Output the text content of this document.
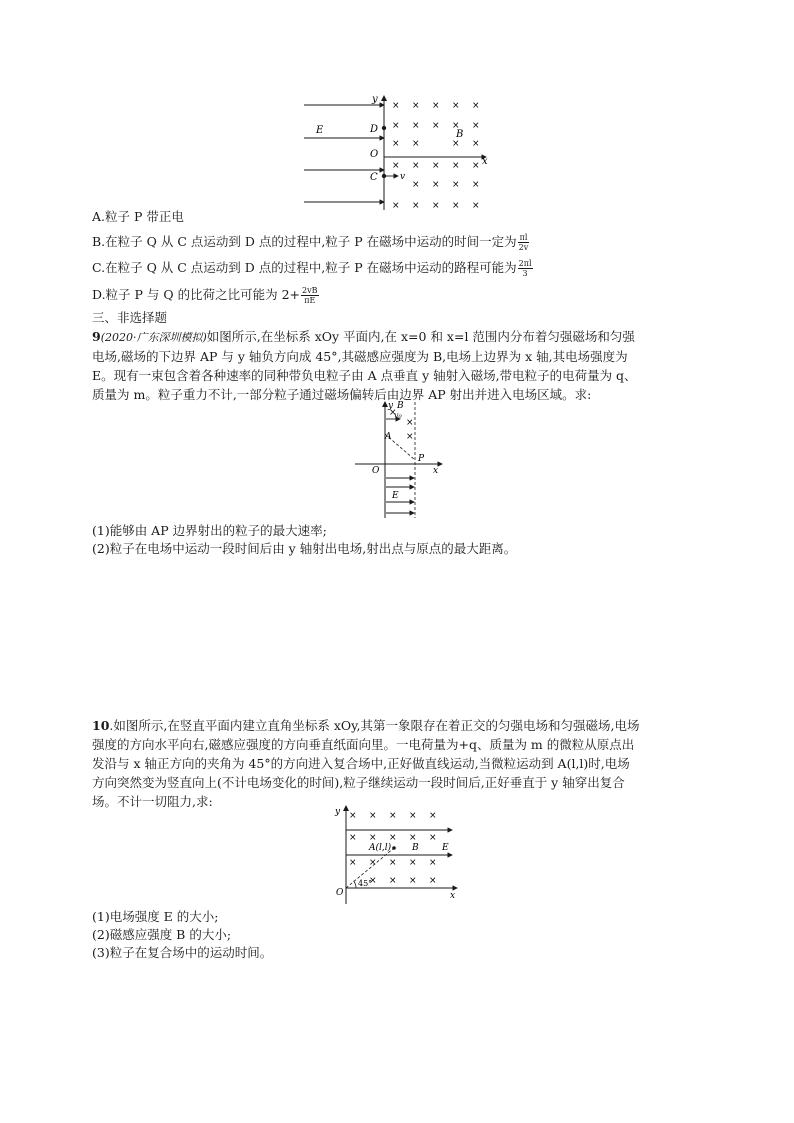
y
E	D
O
C v
B
x
× × × × ×
× × × × ×
× ×	× ×
× × × × ×
× × × ×
× × × × ×
A.粒子 P 带正电
B.在粒子 Q 从 C 点运动到 D 点的过程中,粒子 P 在磁场中运动的时间一定为 $\frac{\pi l}{2v}$
C.在粒子 Q 从 C 点运动到 D 点的过程中,粒子 P 在磁场中运动的路程可能为 $\frac{2\pi l}{3}$
D.粒子 P 与 Q 的比荷之比可能为 $2+ \frac{2vB}{\pi E}$
三、非选择题
9(2020·广东深圳模拟)如图所示,在坐标系 xOy 平面内,在 x=0 和 x=l 范围内分布着匀强磁场和匀强
电场,磁场的下边界 AP 与 y 轴负方向成 45°,其磁感应强度为 B,电场上边界为 x 轴,其电场强度为
E。现有一束包含着各种速率的同种带负电粒子由 A 点垂直 y 轴射入磁场,带电粒子的电荷量为 q、
质量为 m。粒子重力不计,一部分粒子通过磁场偏转后由边界 AP 射出并进入电场区域。求:
×
×
×
y B
v₀
A
P
O	x
E
(1)能够由 AP 边界射出的粒子的最大速率;
(2)粒子在电场中运动一段时间后由 y 轴射出电场,射出点与原点的最大距离。
10.如图所示,在竖直平面内建立直角坐标系 xOy,其第一象限存在着正交的匀强电场和匀强磁场,电场
强度的方向水平向右,磁感应强度的方向垂直纸面向里。一电荷量为+q、质量为 m 的微粒从原点出
发沿与 x 轴正方向的夹角为 45°的方向进入复合场中,正好做直线运动,当微粒运动到 A(l,l)时,电场
方向突然变为竖直向上(不计电场变化的时间),粒子继续运动一段时间后,正好垂直于 y 轴穿出复合
场。不计一切阻力,求:
y
A(l,l) B	E
O
45°
x
× × × × ×
× × × × ×
× × × × ×
× × × ×
(1)电场强度 E 的大小;
(2)磁感应强度 B 的大小;
(3)粒子在复合场中的运动时间。
